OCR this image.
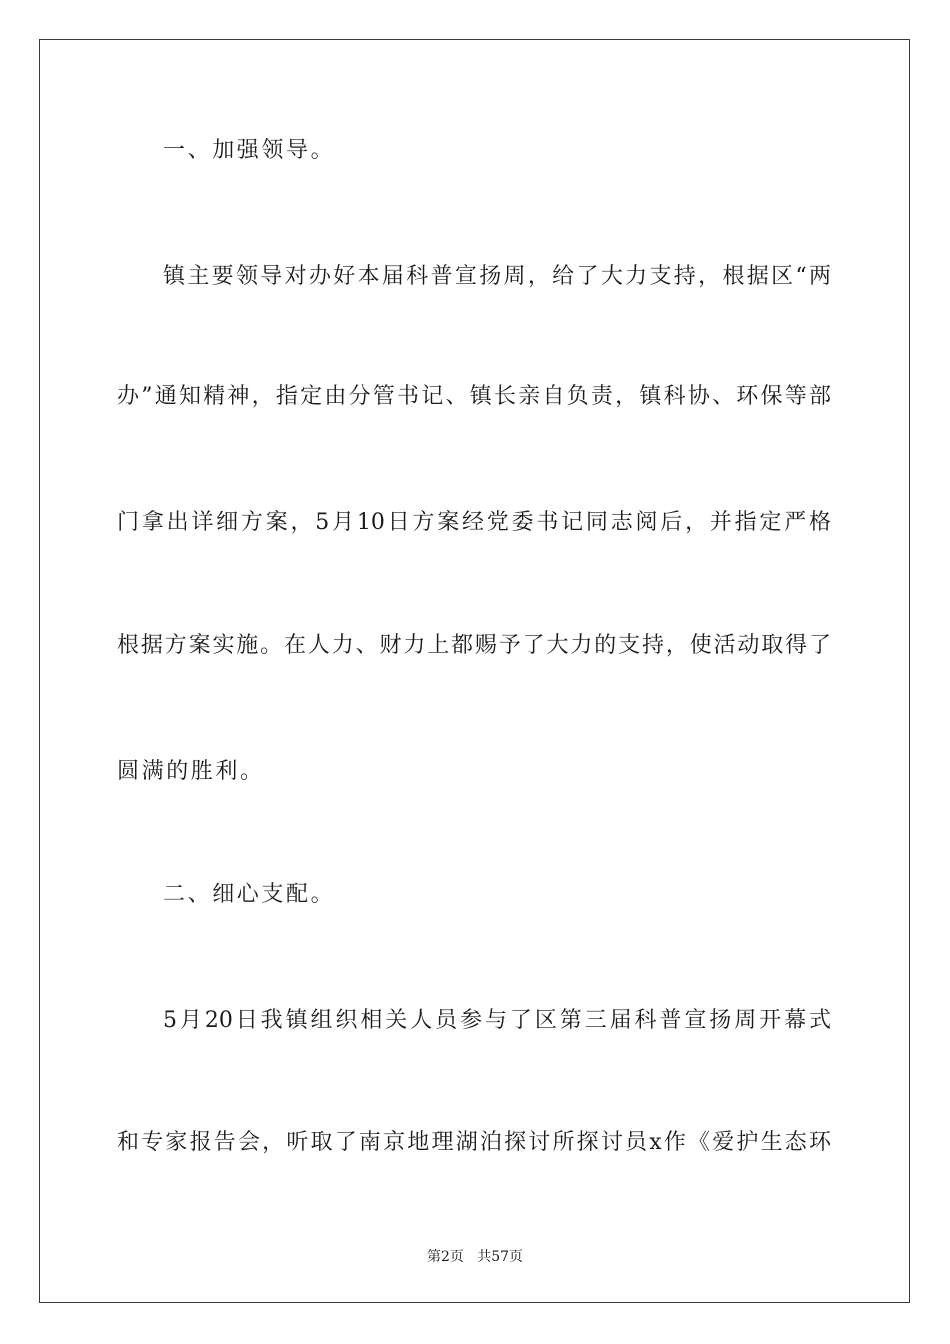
一、加强领导。
镇主要领导对办好本届科普宣扬周，给了大力支持，根据区“两
办”通知精神，指定由分管书记、镇长亲自负责，镇科协、环保等部
门拿出详细方案，5月10日方案经党委书记同志阅后，并指定严格
根据方案实施。在人力、财力上都赐予了大力的支持，使活动取得了
圆满的胜利。
二、细心支配。
5月20日我镇组织相关人员参与了区第三届科普宣扬周开幕式
和专家报告会，听取了南京地理湖泊探讨所探讨员x作《爱护生态环
第2页   共57页
